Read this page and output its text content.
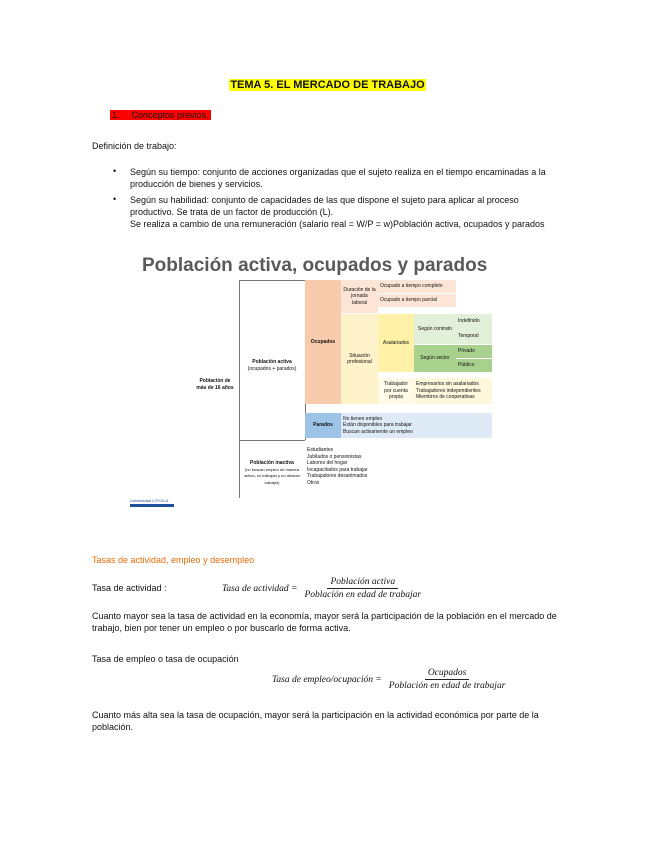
TEMA 5. EL MERCADO DE TRABAJO
1. Conceptos previos.
Definición de trabajo:
• Según su tiempo: conjunto de acciones organizadas que el sujeto realiza en el tiempo encaminadas a la producción de bienes y servicios.
• Según su habilidad: conjunto de capacidades de las que dispone el sujeto para aplicar al proceso productivo. Se trata de un factor de producción (L).
Se realiza a cambio de una remuneración (salario real = W/P = w)Población activa, ocupados y parados
Población activa, ocupados y parados
Población de más de 16 años
Población activa
(ocupados + parados)
Ocupados
Duración de la jornada laboral
Ocupado a tiempo completo
Ocupado a tiempo parcial
Situación profesional
Asalariados
Según contrato
Indefinido
Temporal
Según sector
Privado
Público
Trabajador por cuenta propia
Empresarios sin asalariados
Trabajadores independientes
Miembros de cooperativas
Parados
No tienen empleo
Están disponibles para trabajar
Buscan activamente un empleo
Población inactiva
(no buscan empleo de manera activa, no trabajan y no desean trabajar)
Estudiantes
Jubilados o pensionistas
Labores del hogar
Incapacitados para trabajar
Trabajadores desanimados
Otros
Universidad LOYOLA
Tasas de actividad, empleo y desempleo
Tasa de actividad :	Tasa de actividad = $\frac{\text{Población activa}}{\text{Población en edad de trabajar}}$
Cuanto mayor sea la tasa de actividad en la economía, mayor será la participación de la población en el mercado de trabajo, bien por tener un empleo o por buscarlo de forma activa.
Tasa de empleo o tasa de ocupación
Tasa de empleo/ocupación = $\frac{\text{Ocupados}}{\text{Población en edad de trabajar}}$
Cuanto más alta sea la tasa de ocupación, mayor será la participación en la actividad económica por parte de la población.
